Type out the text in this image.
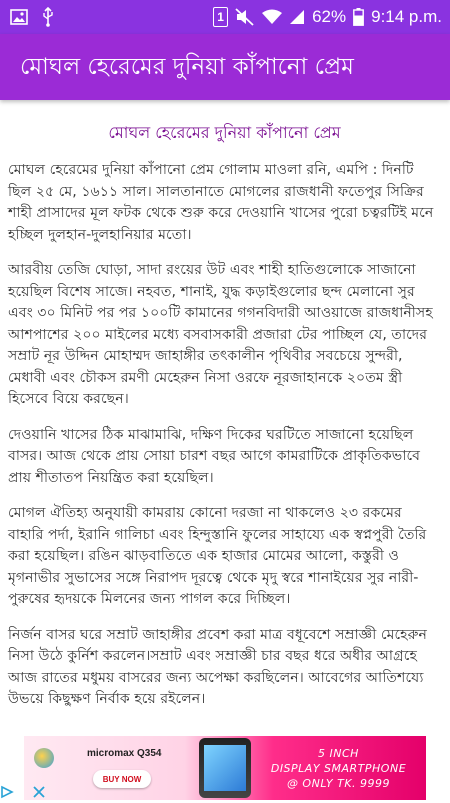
1	62% 9:14 p.m.
মোঘল হেরেমের দুনিয়া কাঁপানো প্রেম
মোঘল হেরেমের দুনিয়া কাঁপানো প্রেম

মোঘল হেরেমের দুনিয়া কাঁপানো প্রেম গোলাম মাওলা রনি, এমপি : দিনটি ছিল ২৫ মে, ১৬১১ সাল। সালতানাতে মোগলের রাজধানী ফতেপুর সিক্রির শাহী প্রাসাদের মূল ফটক থেকে শুরু করে দেওয়ানি খাসের পুরো চত্বরটিই মনে হচ্ছিল দুলহান-দুলহানিয়ার মতো।

আরবীয় তেজি ঘোড়া, সাদা রংয়ের উট এবং শাহী হাতিগুলোকে সাজানো হয়েছিল বিশেষ সাজে। নহবত, শানাই, যুদ্ধ কড়াইগুলোর ছন্দ মেলানো সুর এবং ৩০ মিনিট পর পর ১০০টি কামানের গগনবিদারী আওয়াজে রাজধানীসহ আশপাশের ২০০ মাইলের মধ্যে বসবাসকারী প্রজারা টের পাচ্ছিল যে, তাদের সম্রাট নূর উদ্দিন মোহাম্মদ জাহাঙ্গীর তৎকালীন পৃথিবীর সবচেয়ে সুন্দরী, মেধাবী এবং চৌকস রমণী মেহেরুন নিসা ওরফে নূরজাহানকে ২০তম স্ত্রী হিসেবে বিয়ে করছেন।

দেওয়ানি খাসের ঠিক মাঝামাঝি, দক্ষিণ দিকের ঘরটিতে সাজানো হয়েছিল বাসর। আজ থেকে প্রায় সোয়া চারশ বছর আগে কামরাটিকে প্রাকৃতিকভাবে প্রায় শীতাতপ নিয়ন্ত্রিত করা হয়েছিল।

মোগল ঐতিহ্য অনুযায়ী কামরায় কোনো দরজা না থাকলেও ২৩ রকমের বাহারি পর্দা, ইরানি গালিচা এবং হিন্দুস্তানি ফুলের সাহায্যে এক স্বপ্নপুরী তৈরি করা হয়েছিল। রঙিন ঝাড়বাতিতে এক হাজার মোমের আলো, কস্তুরী ও মৃগনাভীর সুভাসের সঙ্গে নিরাপদ দূরত্বে থেকে মৃদু স্বরে শানাইয়ের সুর নারী-পুরুষের হৃদয়কে মিলনের জন্য পাগল করে দিচ্ছিল।

নির্জন বাসর ঘরে সম্রাট জাহাঙ্গীর প্রবেশ করা মাত্র বধূবেশে সম্রাজ্ঞী মেহেরুন নিসা উঠে কুর্নিশ করলেন।সম্রাট এবং সম্রাজ্ঞী চার বছর ধরে অধীর আগ্রহে আজ রাতের মধুময় বাসরের জন্য অপেক্ষা করছিলেন। আবেগের আতিশয্যে উভয়ে কিছুক্ষণ নির্বাক হয়ে রইলেন।

micromax Q354
BUY NOW
5 INCH
DISPLAY SMARTPHONE
@ ONLY TK. 9999
